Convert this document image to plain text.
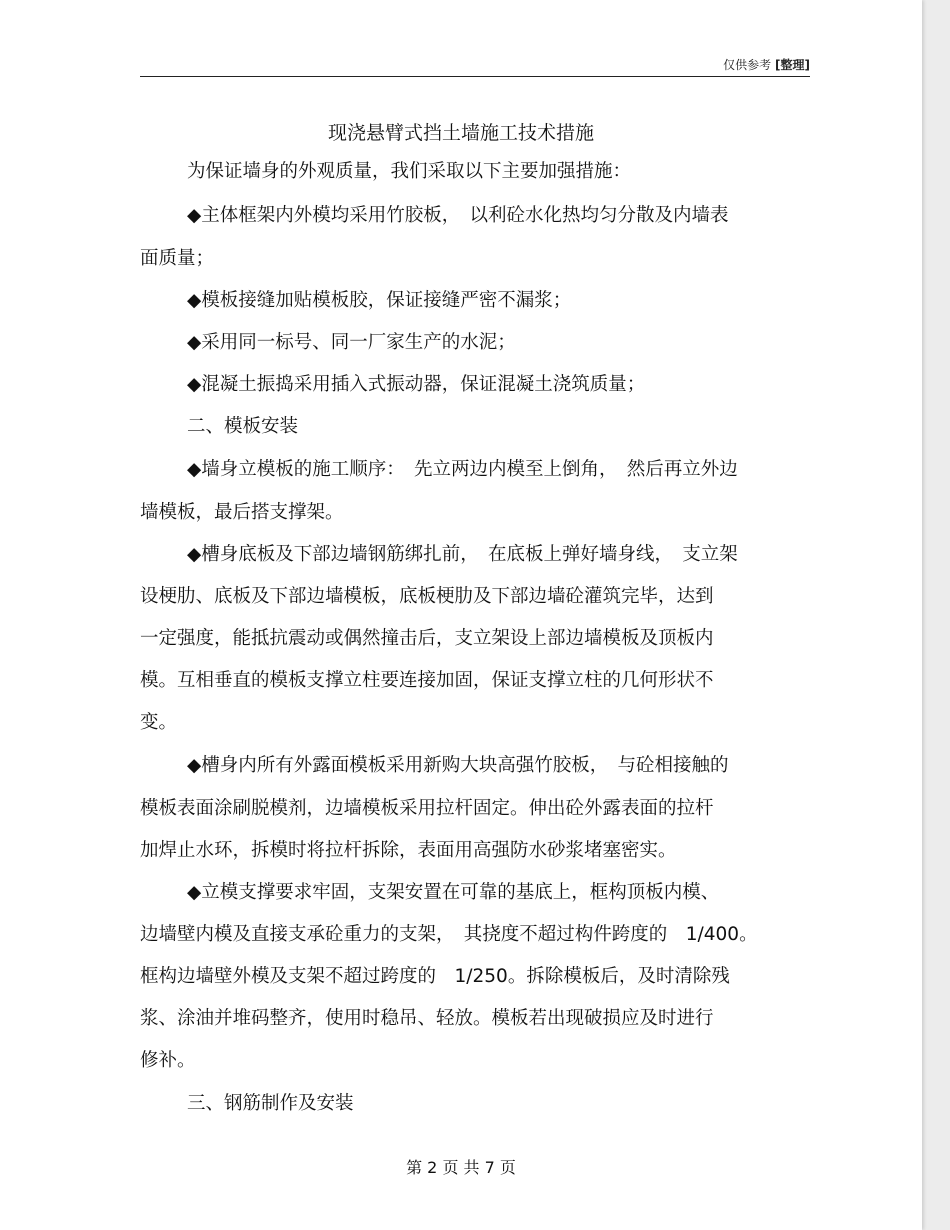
仅供参考 [整理]
现浇悬臂式挡土墙施工技术措施
为保证墙身的外观质量，我们采取以下主要加强措施：
◆主体框架内外模均采用竹胶板，　以利砼水化热均匀分散及内墙表
面质量；
◆模板接缝加贴模板胶，保证接缝严密不漏浆；
◆采用同一标号、同一厂家生产的水泥；
◆混凝土振捣采用插入式振动器，保证混凝土浇筑质量；
二、模板安装
◆墙身立模板的施工顺序：　先立两边内模至上倒角，　然后再立外边
墙模板，最后搭支撑架。
◆槽身底板及下部边墙钢筋绑扎前，　在底板上弹好墙身线，　支立架
设梗肋、底板及下部边墙模板，底板梗肋及下部边墙砼灌筑完毕，达到
一定强度，能抵抗震动或偶然撞击后，支立架设上部边墙模板及顶板内
模。互相垂直的模板支撑立柱要连接加固，保证支撑立柱的几何形状不
变。
◆槽身内所有外露面模板采用新购大块高强竹胶板，　与砼相接触的
模板表面涂刷脱模剂，边墙模板采用拉杆固定。伸出砼外露表面的拉杆
加焊止水环，拆模时将拉杆拆除，表面用高强防水砂浆堵塞密实。
◆立模支撑要求牢固，支架安置在可靠的基底上，框构顶板内模、
边墙壁内模及直接支承砼重力的支架，　其挠度不超过构件跨度的　1/400。
框构边墙壁外模及支架不超过跨度的　1/250。拆除模板后，及时清除残
浆、涂油并堆码整齐，使用时稳吊、轻放。模板若出现破损应及时进行
修补。
三、钢筋制作及安装
第 2 页 共 7 页
